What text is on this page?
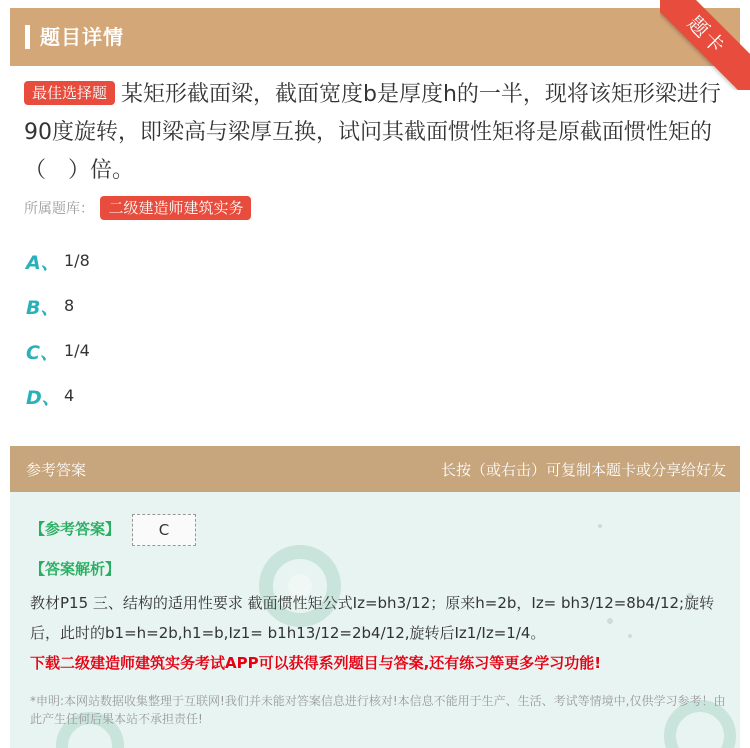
题目详情	题卡
最佳选择题 某矩形截面梁，截面宽度b是厚度h的一半，现将该矩形梁进行90度旋转，即梁高与梁厚互换，试问其截面惯性矩将是原截面惯性矩的（　）倍。
所属题库： 二级建造师建筑实务
A、 1/8
B、 8
C、 1/4
D、 4
参考答案	长按（或右击）可复制本题卡或分享给好友
【参考答案】	C
【答案解析】
教材P15 三、结构的适用性要求 截面惯性矩公式Iz=bh3/12；原来h=2b，Iz= bh3/12=8b4/12;旋转后，此时的b1=h=2b,h1=b,Iz1= b1h13/12=2b4/12,旋转后Iz1/Iz=1/4。
下载二级建造师建筑实务考试APP可以获得系列题目与答案,还有练习等更多学习功能!
*申明:本网站数据收集整理于互联网!我们并未能对答案信息进行核对!本信息不能用于生产、生活、考试等情境中,仅供学习参考！由此产生任何后果本站不承担责任!
